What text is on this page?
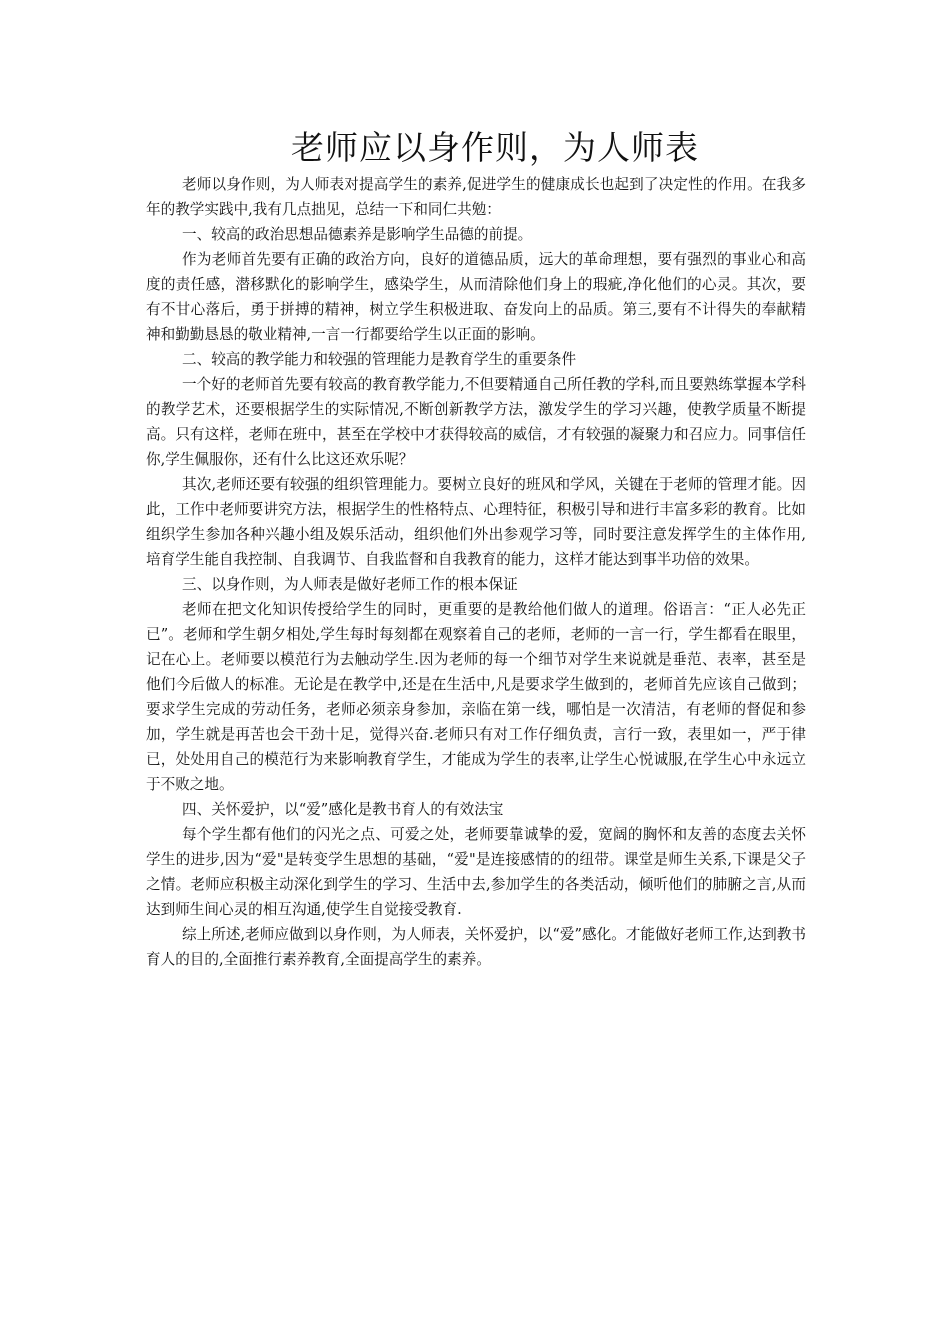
老师应以身作则，为人师表

老师以身作则，为人师表对提高学生的素养,促进学生的健康成长也起到了决定性的作用。在我多年的教学实践中,我有几点拙见，总结一下和同仁共勉：

一、较高的政治思想品德素养是影响学生品德的前提。

作为老师首先要有正确的政治方向，良好的道德品质，远大的革命理想，要有强烈的事业心和高度的责任感，潜移默化的影响学生，感染学生，从而清除他们身上的瑕疵,净化他们的心灵。其次，要有不甘心落后，勇于拼搏的精神，树立学生积极进取、奋发向上的品质。第三,要有不计得失的奉献精神和勤勤恳恳的敬业精神,一言一行都要给学生以正面的影响。

二、较高的教学能力和较强的管理能力是教育学生的重要条件

一个好的老师首先要有较高的教育教学能力,不但要精通自己所任教的学科,而且要熟练掌握本学科的教学艺术，还要根据学生的实际情况,不断创新教学方法，激发学生的学习兴趣，使教学质量不断提高。只有这样，老师在班中，甚至在学校中才获得较高的威信，才有较强的凝聚力和召应力。同事信任你,学生佩服你，还有什么比这还欢乐呢？

其次,老师还要有较强的组织管理能力。要树立良好的班风和学风，关键在于老师的管理才能。因此，工作中老师要讲究方法，根据学生的性格特点、心理特征，积极引导和进行丰富多彩的教育。比如组织学生参加各种兴趣小组及娱乐活动，组织他们外出参观学习等，同时要注意发挥学生的主体作用,培育学生能自我控制、自我调节、自我监督和自我教育的能力，这样才能达到事半功倍的效果。

三、以身作则，为人师表是做好老师工作的根本保证

老师在把文化知识传授给学生的同时，更重要的是教给他们做人的道理。俗语言：“正人必先正已”。老师和学生朝夕相处,学生每时每刻都在观察着自己的老师，老师的一言一行，学生都看在眼里，记在心上。老师要以模范行为去触动学生.因为老师的每一个细节对学生来说就是垂范、表率，甚至是他们今后做人的标准。无论是在教学中,还是在生活中,凡是要求学生做到的，老师首先应该自己做到；要求学生完成的劳动任务，老师必须亲身参加，亲临在第一线，哪怕是一次清洁，有老师的督促和参加，学生就是再苦也会干劲十足，觉得兴奋.老师只有对工作仔细负责，言行一致，表里如一，严于律已，处处用自己的模范行为来影响教育学生，才能成为学生的表率,让学生心悦诚服,在学生心中永远立于不败之地。

四、关怀爱护，以“爱”感化是教书育人的有效法宝

每个学生都有他们的闪光之点、可爱之处，老师要靠诚挚的爱，宽阔的胸怀和友善的态度去关怀学生的进步,因为“爱"是转变学生思想的基础，“爱"是连接感情的的纽带。课堂是师生关系,下课是父子之情。老师应积极主动深化到学生的学习、生活中去,参加学生的各类活动，倾听他们的肺腑之言,从而达到师生间心灵的相互沟通,使学生自觉接受教育.

综上所述,老师应做到以身作则，为人师表，关怀爱护，以“爱”感化。才能做好老师工作,达到教书育人的目的,全面推行素养教育,全面提高学生的素养。
